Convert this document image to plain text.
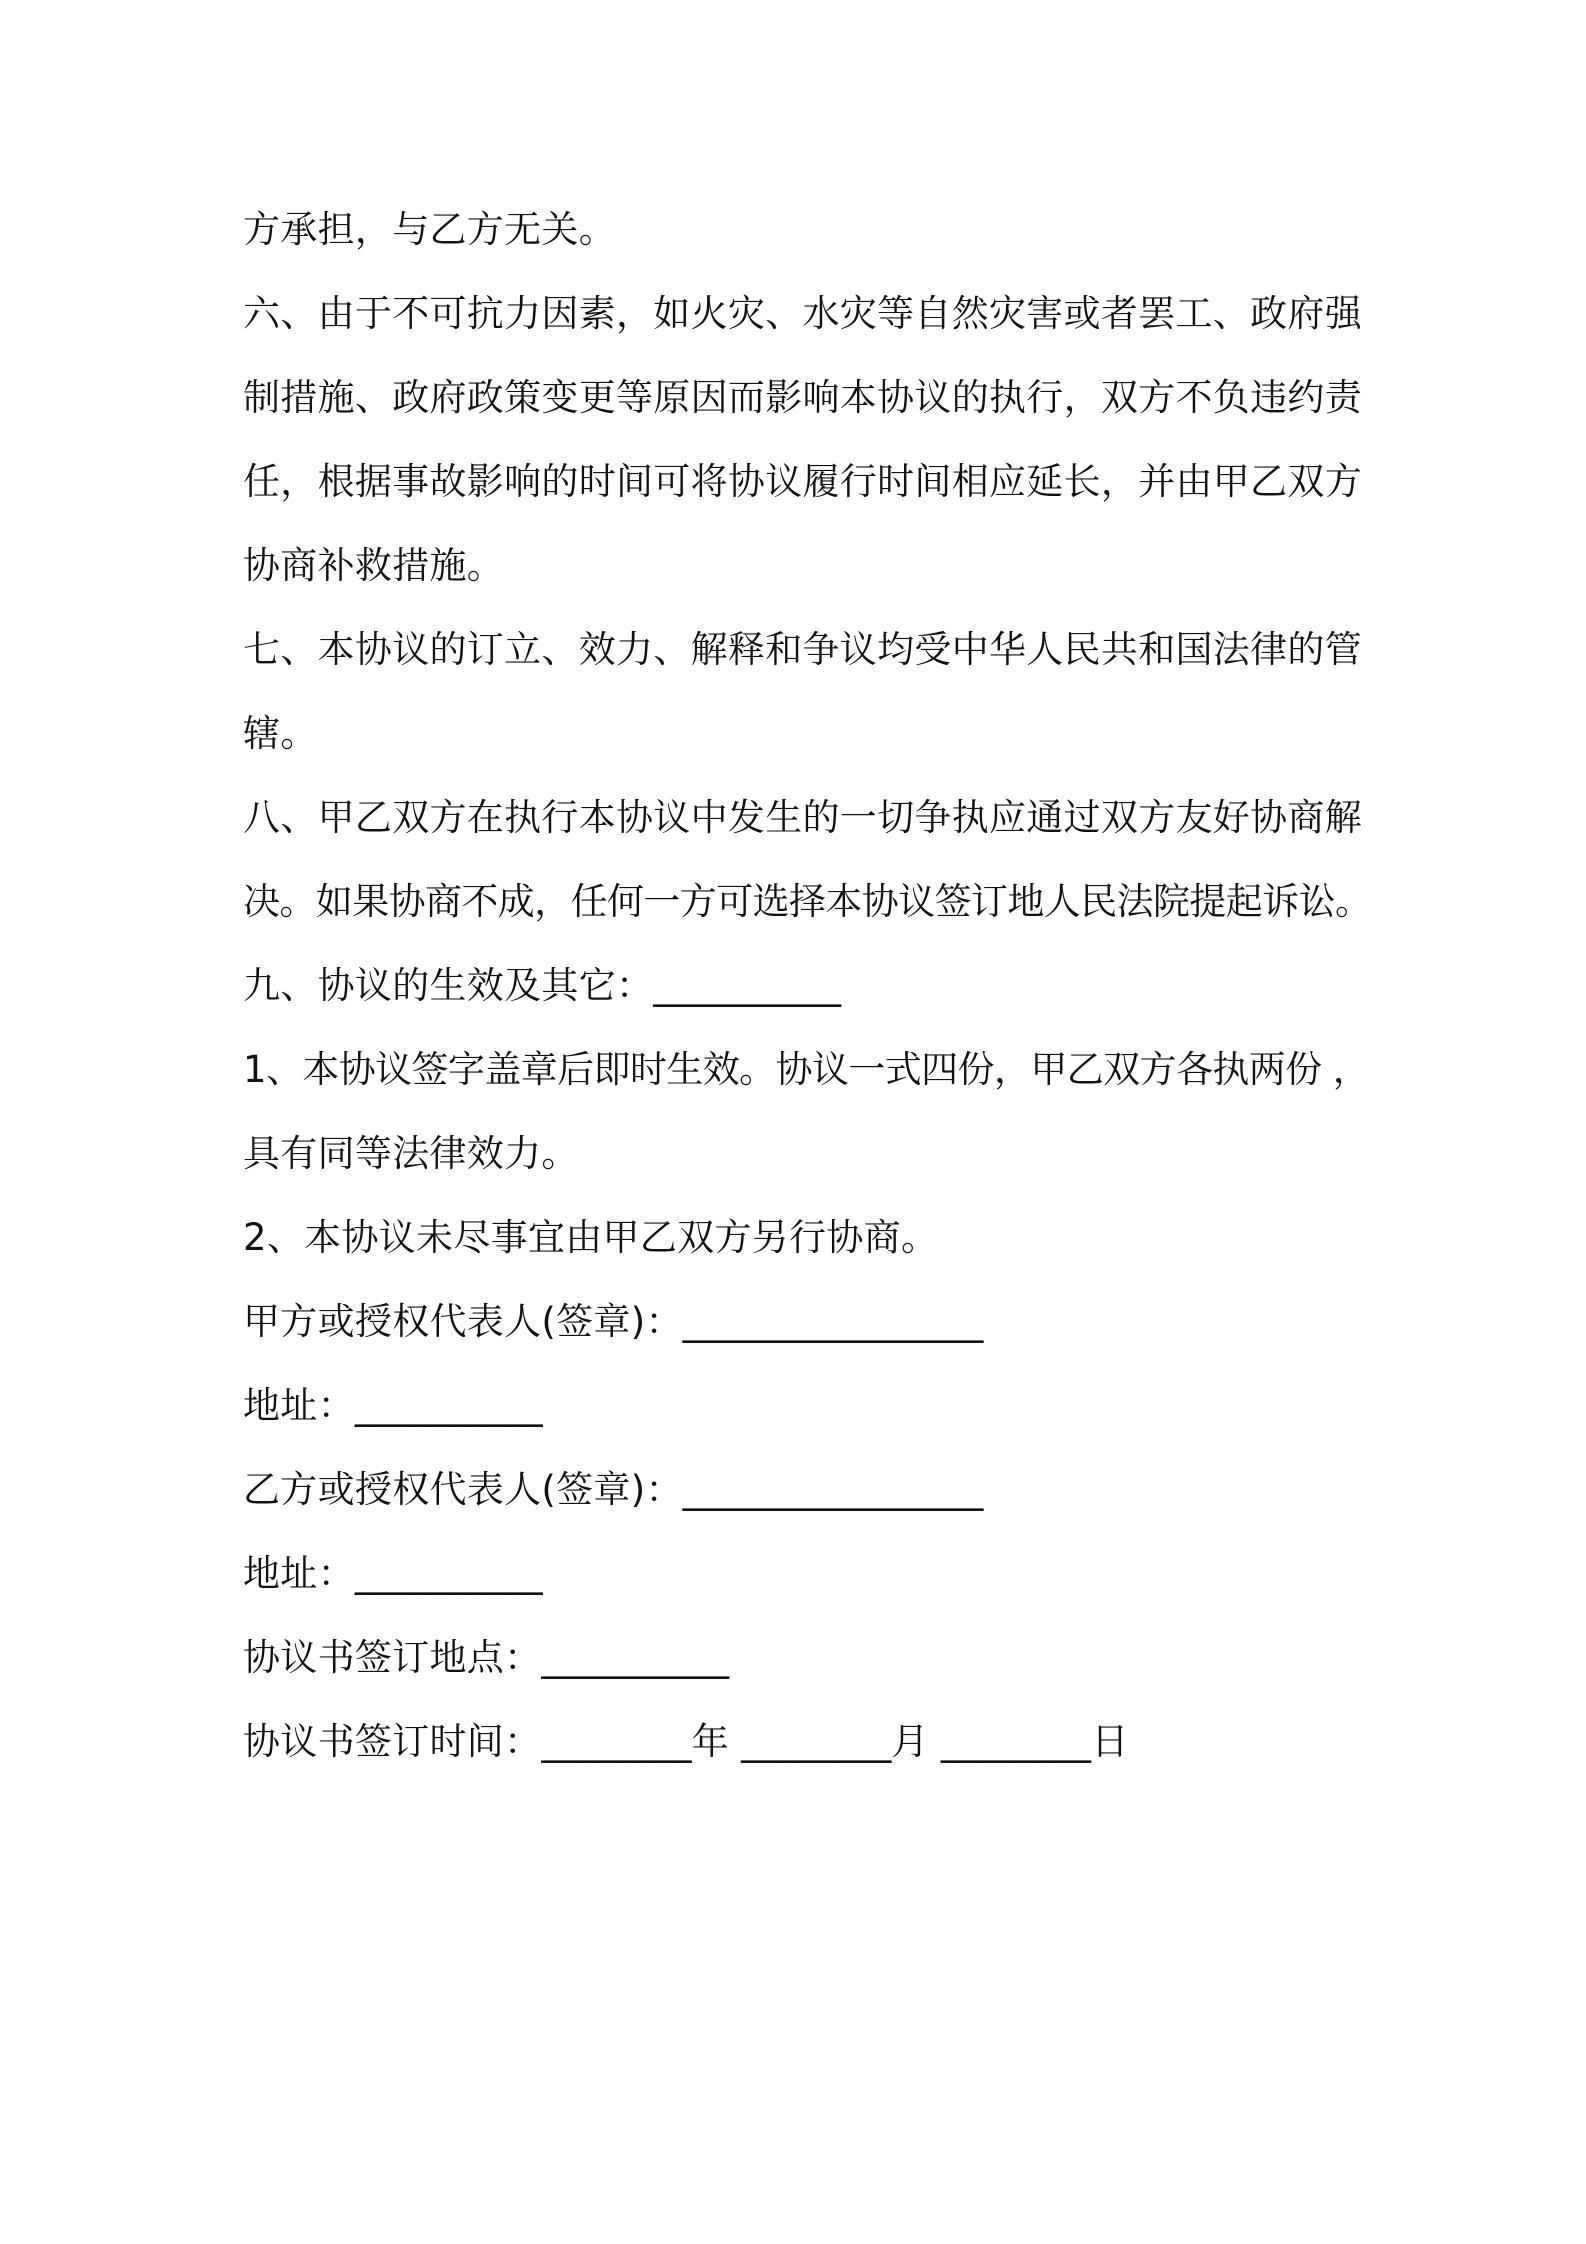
方承担，与乙方无关。
六、由于不可抗力因素，如火灾、水灾等自然灾害或者罢工、政府强
制措施、政府政策变更等原因而影响本协议的执行，双方不负违约责
任，根据事故影响的时间可将协议履行时间相应延长，并由甲乙双方
协商补救措施。
七、本协议的订立、效力、解释和争议均受中华人民共和国法律的管
辖。
八、甲乙双方在执行本协议中发生的一切争执应通过双方友好协商解
决。如果协商不成，任何一方可选择本协议签订地人民法院提起诉讼。
九、协议的生效及其它：__________
1、本协议签字盖章后即时生效。协议一式四份，甲乙双方各执两份 ，
具有同等法律效力。
2、本协议未尽事宜由甲乙双方另行协商。
甲方或授权代表人(签章)：________________
地址：__________
乙方或授权代表人(签章)：________________
地址：__________
协议书签订地点：__________
协议书签订时间：________年 ________月 ________日
